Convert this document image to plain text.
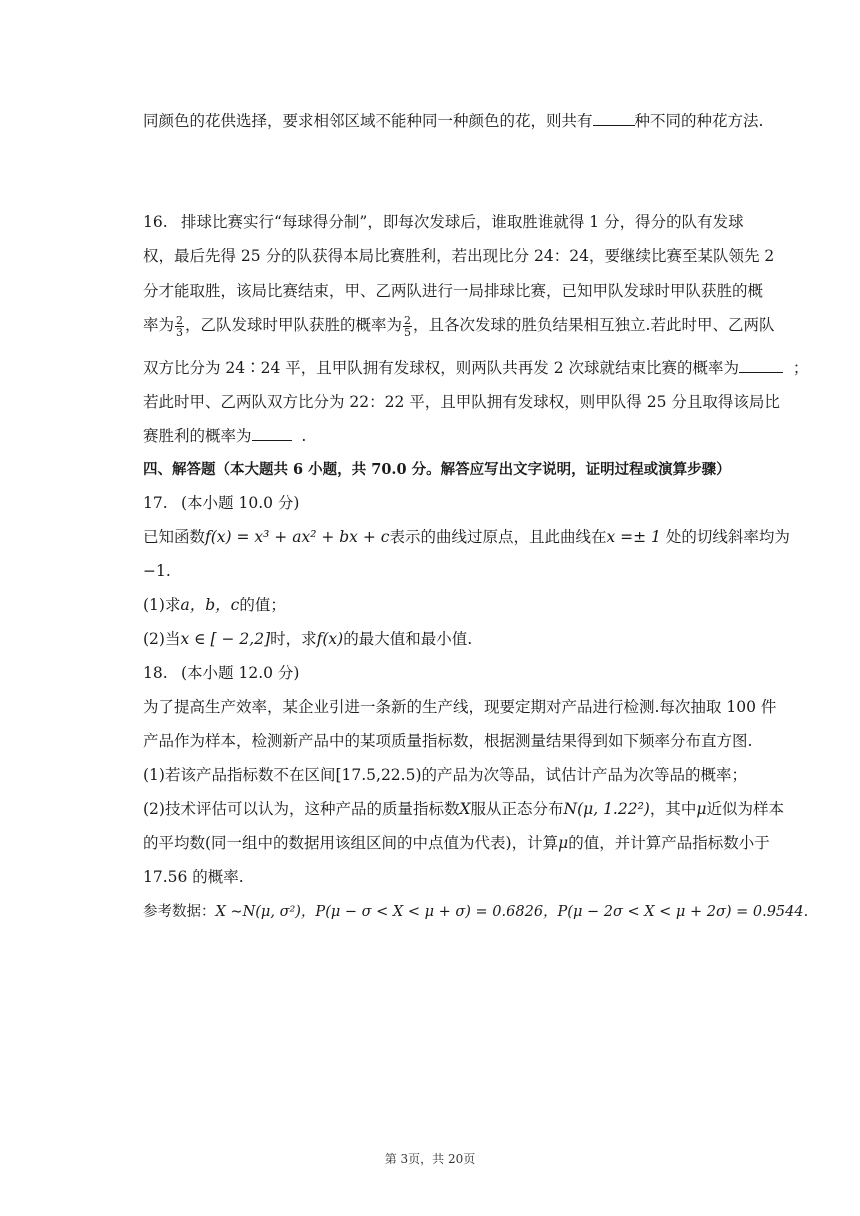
同颜色的花供选择，要求相邻区域不能种同一种颜色的花，则共有	种不同的种花方法.
16. 排球比赛实行“每球得分制”，即每次发球后，谁取胜谁就得 1 分，得分的队有发球
权，最后先得 25 分的队获得本局比赛胜利，若出现比分 24：24，要继续比赛至某队领先 2
分才能取胜，该局比赛结束，甲、乙两队进行一局排球比赛，已知甲队发球时甲队获胜的概
率为 $\frac{2}{3}$ ，乙队发球时甲队获胜的概率为 $\frac{2}{5}$ ，且各次发球的胜负结果相互独立.若此时甲、乙两队
双方比分为 24∶24 平，且甲队拥有发球权，则两队共再发 2 次球就结束比赛的概率为	；
若此时甲、乙两队双方比分为 22：22 平，且甲队拥有发球权，则甲队得 25 分且取得该局比
赛胜利的概率为	.
四、解答题（本大题共 6 小题，共 70.0 分。解答应写出文字说明，证明过程或演算步骤）
17. (本小题 10.0 分)
已知函数f(x) = x³ + ax² + bx + c表示的曲线过原点，且此曲线在x =± 1 处的切线斜率均为
−1.
(1)求a，b，c的值；
(2)当x ∈ [ − 2,2]时，求f(x)的最大值和最小值.
18. (本小题 12.0 分)
为了提高生产效率，某企业引进一条新的生产线，现要定期对产品进行检测.每次抽取 100 件
产品作为样本，检测新产品中的某项质量指标数，根据测量结果得到如下频率分布直方图.
(1)若该产品指标数不在区间[17.5,22.5)的产品为次等品，试估计产品为次等品的概率；
(2)技术评估可以认为，这种产品的质量指标数X服从正态分布N(μ, 1.22²)，其中μ近似为样本
的平均数(同一组中的数据用该组区间的中点值为代表)，计算μ的值，并计算产品指标数小于
17.56 的概率.
参考数据：X ∼N(μ, σ²)，P(μ − σ < X < μ + σ) = 0.6826，P(μ − 2σ < X < μ + 2σ) = 0.9544.
第 3页，共 20页
